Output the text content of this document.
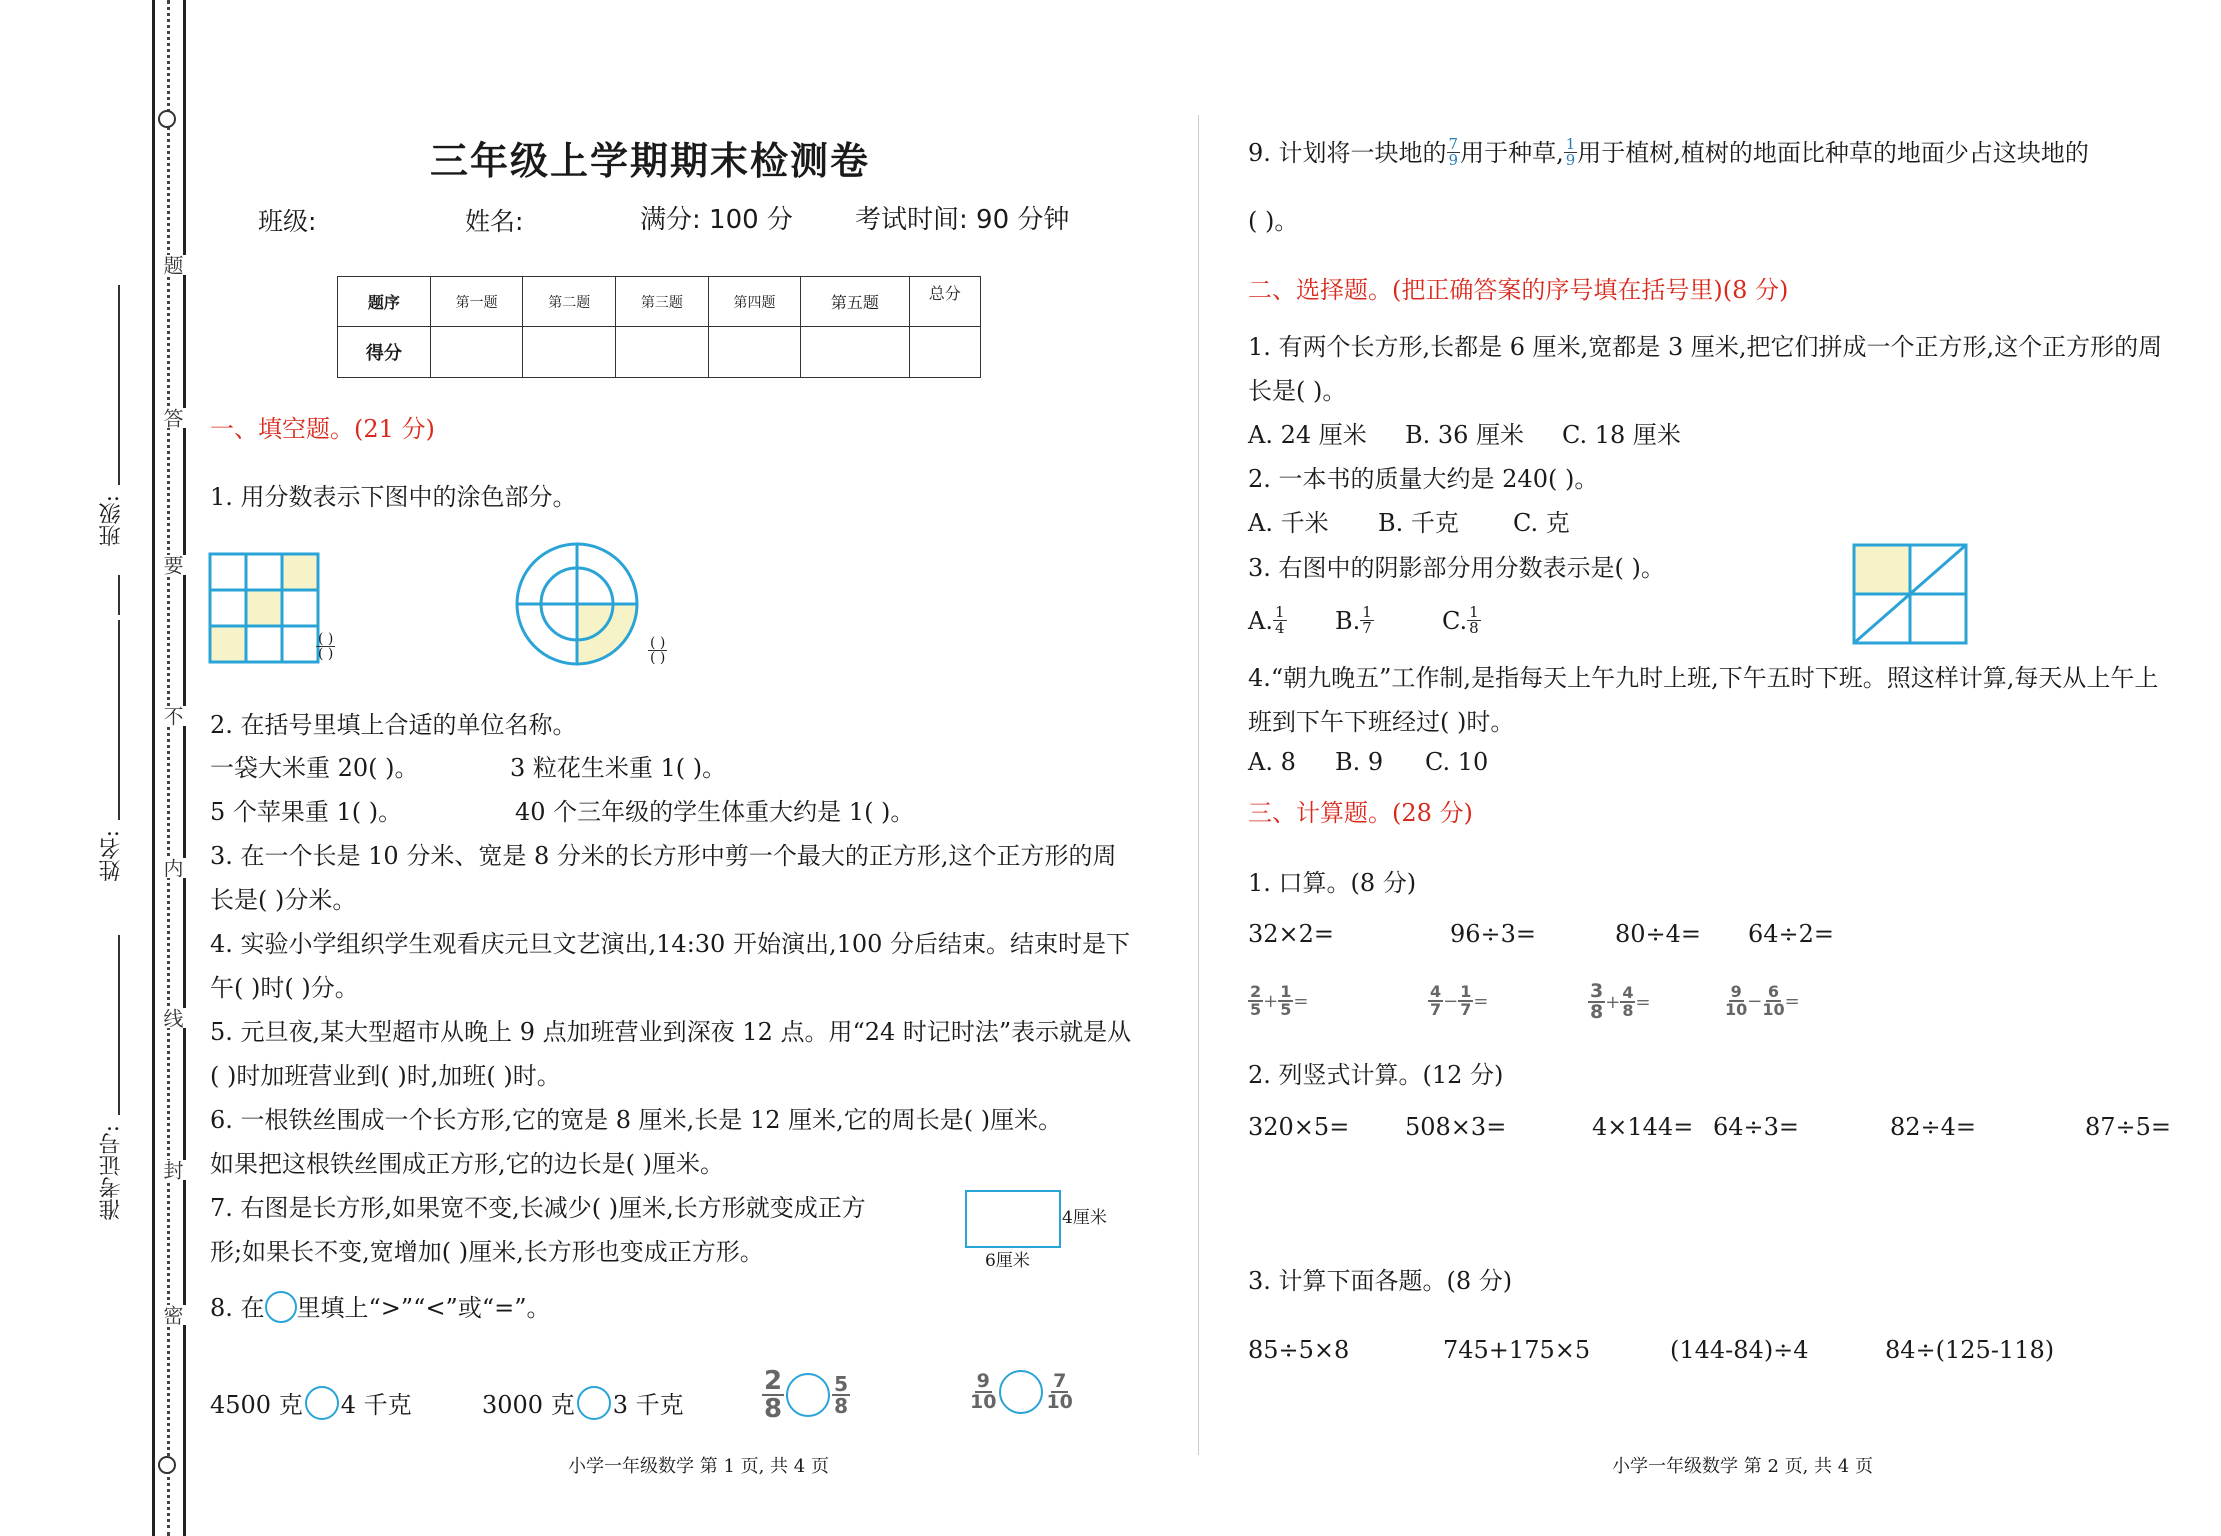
题
答
要
不
内
线
封
密
班级:
姓名:
准考证号:
三年级上学期期末检测卷
班级:	姓名:	满分: 100 分 考试时间: 90 分钟
题序	第一题	第二题	第三题	第四题	第五题	总分
得分						
一、填空题。(21 分)
1. 用分数表示下图中的涂色部分。
$\frac{( )}{( )}$	$\frac{( )}{( )}$
2. 在括号里填上合适的单位名称。
一袋大米重 20( )。	3 粒花生米重 1( )。
5 个苹果重 1( )。	40 个三年级的学生体重大约是 1( )。
3. 在一个长是 10 分米、宽是 8 分米的长方形中剪一个最大的正方形,这个正方形的周
长是( )分米。
4. 实验小学组织学生观看庆元旦文艺演出,14:30 开始演出,100 分后结束。结束时是下
午( )时( )分。
5. 元旦夜,某大型超市从晚上 9 点加班营业到深夜 12 点。用“24 时记时法”表示就是从
( )时加班营业到( )时,加班( )时。
6. 一根铁丝围成一个长方形,它的宽是 8 厘米,长是 12 厘米,它的周长是( )厘米。
如果把这根铁丝围成正方形,它的边长是( )厘米。
7. 右图是长方形,如果宽不变,长减少( )厘米,长方形就变成正方
形;如果长不变,宽增加( )厘米,长方形也变成正方形。
4厘米
6厘米
8. 在 里填上“>”“<”或“=”。
4500 克 4 千克	3000 克 3 千克	$\frac{2}{8} \frac{5}{8}$	$\frac{9}{10}$	$\frac{7}{10}$
小学一年级数学 第 1 页, 共 4 页
9. 计划将一块地的 $\frac{7}{9}$ 用于种草, $\frac{1}{9}$ 用于植树,植树的地面比种草的地面少占这块地的
( )。
二、选择题。(把正确答案的序号填在括号里)(8 分)
1. 有两个长方形,长都是 6 厘米,宽都是 3 厘米,把它们拼成一个正方形,这个正方形的周
长是( )。
A. 24 厘米 B. 36 厘米 C. 18 厘米
2. 一本书的质量大约是 240( )。
A. 千米 B. 千克 C. 克
3. 右图中的阴影部分用分数表示是( )。
A. $\frac{1}{4} B$. $\frac{1}{7}$	C. $\frac{1}{8}$
4.“朝九晚五”工作制,是指每天上午九时上班,下午五时下班。照这样计算,每天从上午上
班到下午下班经过( )时。
A. 8 B. 9 C. 10
三、计算题。(28 分)
1. 口算。(8 分)
32×2=	96÷3=	80÷4= 64÷2=
$\frac{2}{5} + \frac{1}{5}$ =	$\frac{4}{7} - \frac{1}{7}$ =	$\frac{3}{8} + \frac{4}{8}$ =	$\frac{9}{10} - \frac{6}{10}$ =
2. 列竖式计算。(12 分)
320×5= 508×3=	4×144= 64÷3=	82÷4=	87÷5=
3. 计算下面各题。(8 分)
85÷5×8	745+175×5	(144-84)÷4	84÷(125-118)
小学一年级数学 第 2 页, 共 4 页
